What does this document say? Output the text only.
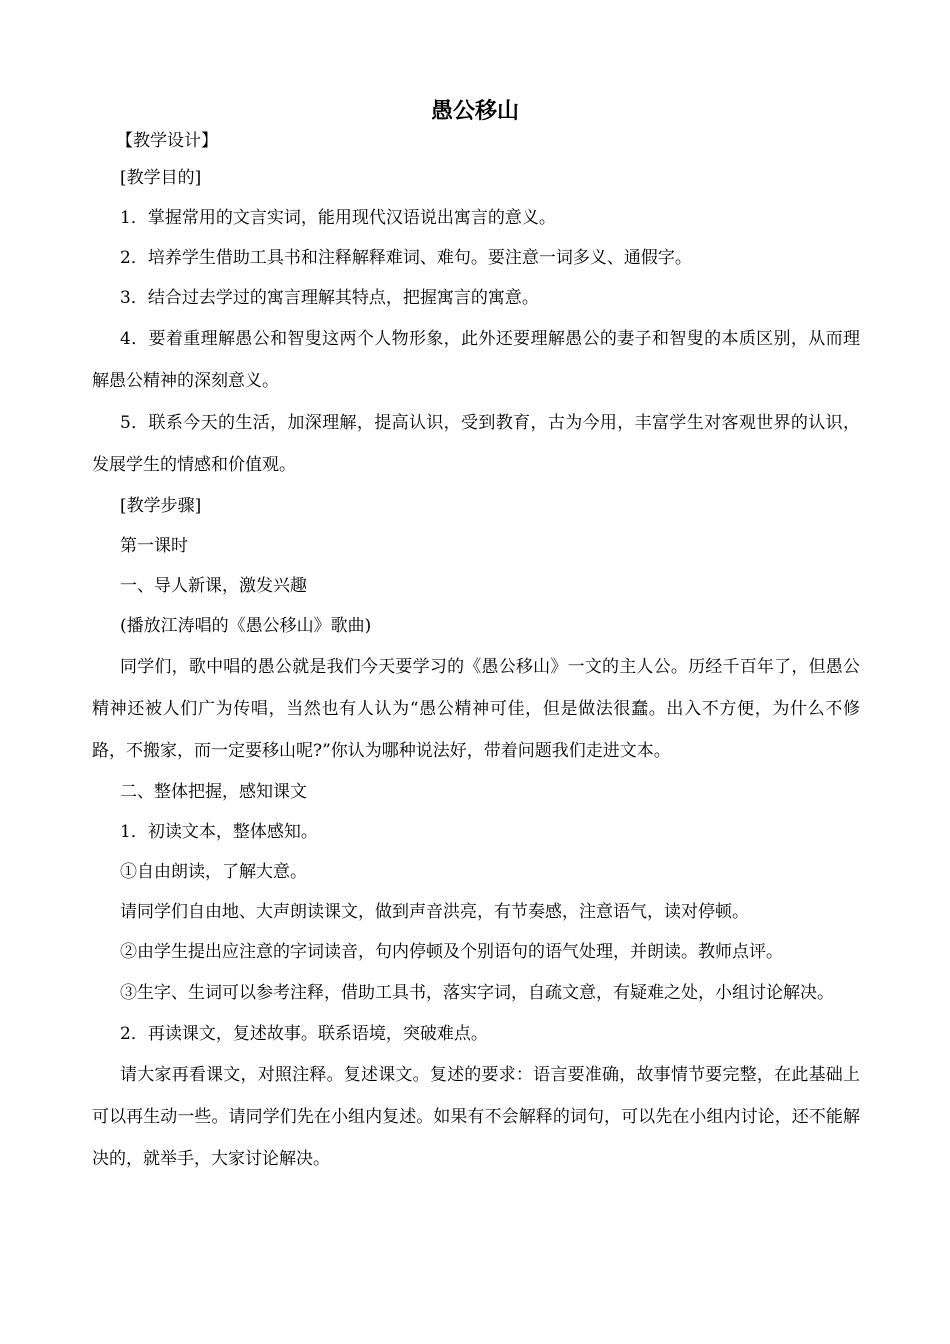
愚公移山

【教学设计】

[教学目的]

1．掌握常用的文言实词，能用现代汉语说出寓言的意义。

2．培养学生借助工具书和注释解释难词、难句。要注意一词多义、通假字。

3．结合过去学过的寓言理解其特点，把握寓言的寓意。

4．要着重理解愚公和智叟这两个人物形象，此外还要理解愚公的妻子和智叟的本质区别，从而理解愚公精神的深刻意义。

5．联系今天的生活，加深理解，提高认识，受到教育，古为今用，丰富学生对客观世界的认识，发展学生的情感和价值观。

[教学步骤]

第一课时

一、导人新课，激发兴趣

(播放江涛唱的《愚公移山》歌曲)

同学们，歌中唱的愚公就是我们今天要学习的《愚公移山》一文的主人公。历经千百年了，但愚公精神还被人们广为传唱，当然也有人认为“愚公精神可佳，但是做法很蠢。出入不方便，为什么不修路，不搬家，而一定要移山呢?”你认为哪种说法好，带着问题我们走进文本。

二、整体把握，感知课文

1．初读文本，整体感知。

①自由朗读，了解大意。

请同学们自由地、大声朗读课文，做到声音洪亮，有节奏感，注意语气，读对停顿。

②由学生提出应注意的字词读音，句内停顿及个别语句的语气处理，并朗读。教师点评。

③生字、生词可以参考注释，借助工具书，落实字词，自疏文意，有疑难之处，小组讨论解决。

2．再读课文，复述故事。联系语境，突破难点。

请大家再看课文，对照注释。复述课文。复述的要求：语言要准确，故事情节要完整，在此基础上可以再生动一些。请同学们先在小组内复述。如果有不会解释的词句，可以先在小组内讨论，还不能解决的，就举手，大家讨论解决。
